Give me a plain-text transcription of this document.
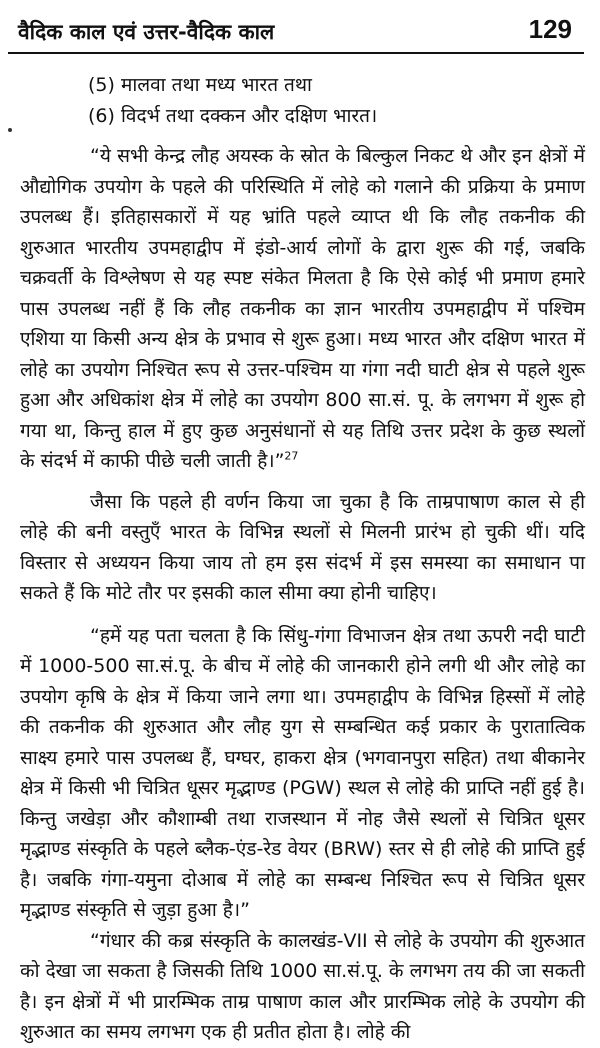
वैदिक काल एवं उत्तर-वैदिक काल	129

(5) मालवा तथा मध्य भारत तथा

(6) विदर्भ तथा दक्कन और दक्षिण भारत।

“ये सभी केन्द्र लौह अयस्क के स्रोत के बिल्कुल निकट थे और इन क्षेत्रों में औद्योगिक उपयोग के पहले की परिस्थिति में लोहे को गलाने की प्रक्रिया के प्रमाण उपलब्ध हैं। इतिहासकारों में यह भ्रांति पहले व्याप्त थी कि लौह तकनीक की शुरुआत भारतीय उपमहाद्वीप में इंडो-आर्य लोगों के द्वारा शुरू की गई, जबकि चक्रवर्ती के विश्लेषण से यह स्पष्ट संकेत मिलता है कि ऐसे कोई भी प्रमाण हमारे पास उपलब्ध नहीं हैं कि लौह तकनीक का ज्ञान भारतीय उपमहाद्वीप में पश्चिम एशिया या किसी अन्य क्षेत्र के प्रभाव से शुरू हुआ। मध्य भारत और दक्षिण भारत में लोहे का उपयोग निश्चित रूप से उत्तर-पश्चिम या गंगा नदी घाटी क्षेत्र से पहले शुरू हुआ और अधिकांश क्षेत्र में लोहे का उपयोग 800 सा.सं. पू. के लगभग में शुरू हो गया था, किन्तु हाल में हुए कुछ अनुसंधानों से यह तिथि उत्तर प्रदेश के कुछ स्थलों के संदर्भ में काफी पीछे चली जाती है।”$^{27}$

जैसा कि पहले ही वर्णन किया जा चुका है कि ताम्रपाषाण काल से ही लोहे की बनी वस्तुएँ भारत के विभिन्न स्थलों से मिलनी प्रारंभ हो चुकी थीं। यदि विस्तार से अध्ययन किया जाय तो हम इस संदर्भ में इस समस्या का समाधान पा सकते हैं कि मोटे तौर पर इसकी काल सीमा क्या होनी चाहिए।

“हमें यह पता चलता है कि सिंधु-गंगा विभाजन क्षेत्र तथा ऊपरी नदी घाटी में 1000-500 सा.सं.पू. के बीच में लोहे की जानकारी होने लगी थी और लोहे का उपयोग कृषि के क्षेत्र में किया जाने लगा था। उपमहाद्वीप के विभिन्न हिस्सों में लोहे की तकनीक की शुरुआत और लौह युग से सम्बन्धित कई प्रकार के पुरातात्विक साक्ष्य हमारे पास उपलब्ध हैं, घग्घर, हाकरा क्षेत्र (भगवानपुरा सहित) तथा बीकानेर क्षेत्र में किसी भी चित्रित धूसर मृद्भाण्ड (PGW) स्थल से लोहे की प्राप्ति नहीं हुई है। किन्तु जखेड़ा और कौशाम्बी तथा राजस्थान में नोह जैसे स्थलों से चित्रित धूसर मृद्भाण्ड संस्कृति के पहले ब्लैक-एंड-रेड वेयर (BRW) स्तर से ही लोहे की प्राप्ति हुई है। जबकि गंगा-यमुना दोआब में लोहे का सम्बन्ध निश्चित रूप से चित्रित धूसर मृद्भाण्ड संस्कृति से जुड़ा हुआ है।”

“गंधार की कब्र संस्कृति के कालखंड-VII से लोहे के उपयोग की शुरुआत को देखा जा सकता है जिसकी तिथि 1000 सा.सं.पू. के लगभग तय की जा सकती है। इन क्षेत्रों में भी प्रारम्भिक ताम्र पाषाण काल और प्रारम्भिक लोहे के उपयोग की शुरुआत का समय लगभग एक ही प्रतीत होता है। लोहे की
